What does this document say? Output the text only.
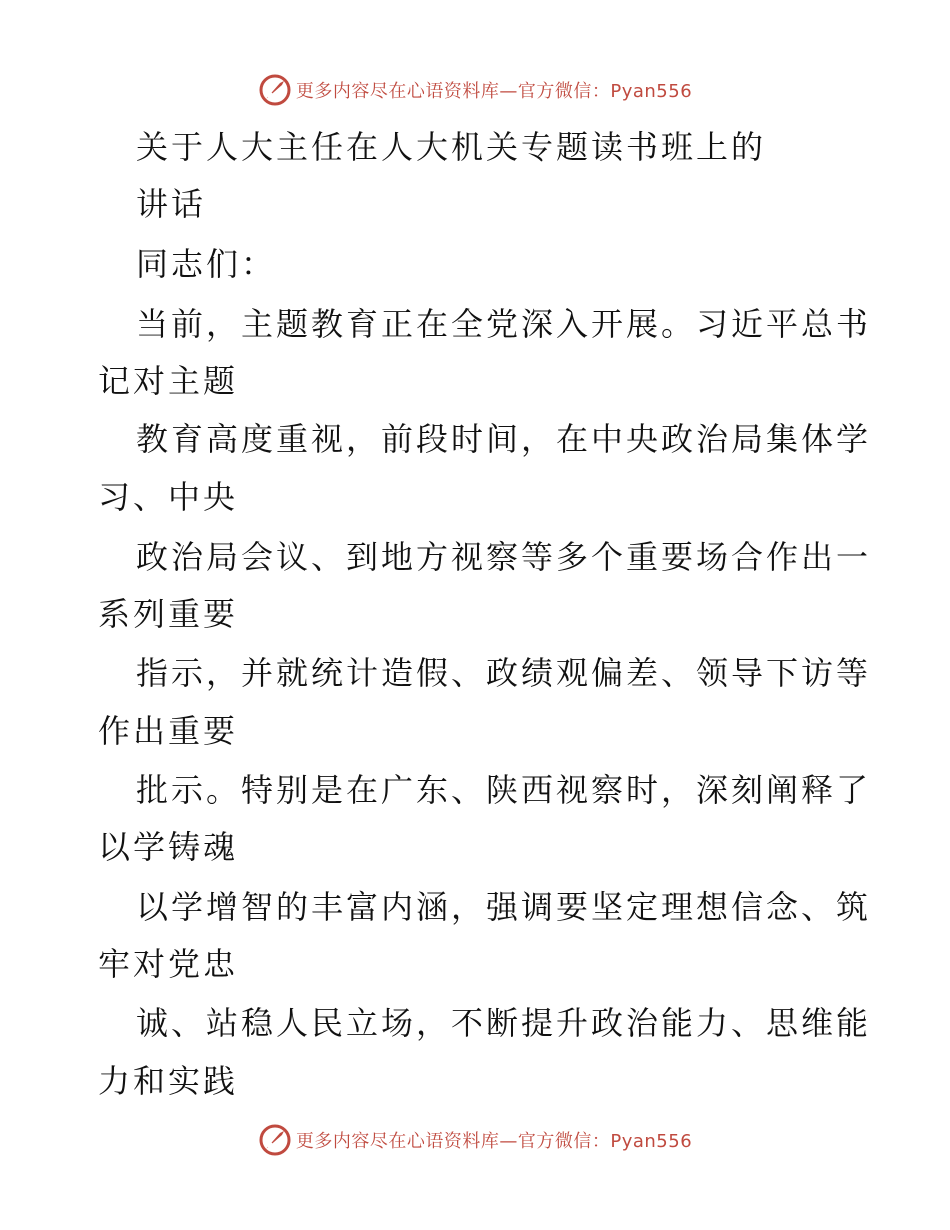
更多内容尽在心语资料库—官方微信：Pyan556
关于人大主任在人大机关专题读书班上的
讲话
同志们：
当前，主题教育正在全党深入开展。习近平总书
记对主题
教育高度重视，前段时间，在中央政治局集体学
习、中央
政治局会议、到地方视察等多个重要场合作出一
系列重要
指示，并就统计造假、政绩观偏差、领导下访等
作出重要
批示。特别是在广东、陕西视察时，深刻阐释了
以学铸魂
以学增智的丰富内涵，强调要坚定理想信念、筑
牢对党忠
诚、站稳人民立场，不断提升政治能力、思维能
力和实践
更多内容尽在心语资料库—官方微信：Pyan556
